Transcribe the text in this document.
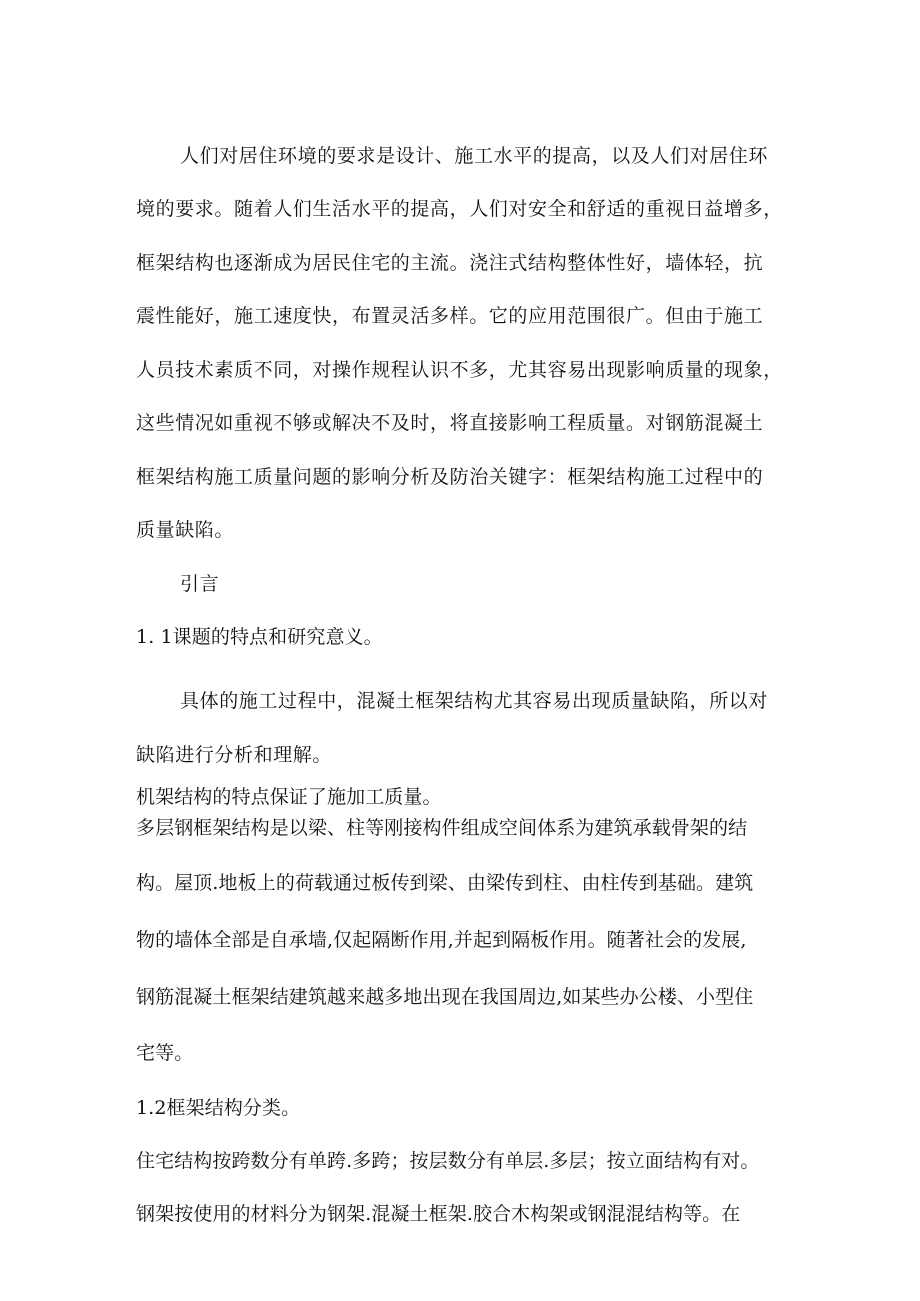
人们对居住环境的要求是设计、施工水平的提高，以及人们对居住环
境的要求。随着人们生活水平的提高，人们对安全和舒适的重视日益增多，
框架结构也逐渐成为居民住宅的主流。浇注式结构整体性好，墙体轻，抗
震性能好，施工速度快，布置灵活多样。它的应用范围很广。但由于施工
人员技术素质不同，对操作规程认识不多，尤其容易出现影响质量的现象，
这些情况如重视不够或解决不及时，将直接影响工程质量。对钢筋混凝土
框架结构施工质量问题的影响分析及防治关键字：框架结构施工过程中的
质量缺陷。
引言
1. 1课题的特点和研究意义。
具体的施工过程中，混凝土框架结构尤其容易出现质量缺陷，所以对
缺陷进行分析和理解。
机架结构的特点保证了施加工质量。
多层钢框架结构是以梁、柱等刚接构件组成空间体系为建筑承载骨架的结
构。屋顶.地板上的荷载通过板传到梁、由梁传到柱、由柱传到基础。建筑
物的墙体全部是自承墙,仅起隔断作用,并起到隔板作用。随著社会的发展,
钢筋混凝土框架结建筑越来越多地出现在我国周边,如某些办公楼、小型住
宅等。
1.2框架结构分类。
住宅结构按跨数分有单跨.多跨；按层数分有单层.多层；按立面结构有对。
钢架按使用的材料分为钢架.混凝土框架.胶合木构架或钢混混结构等。在
